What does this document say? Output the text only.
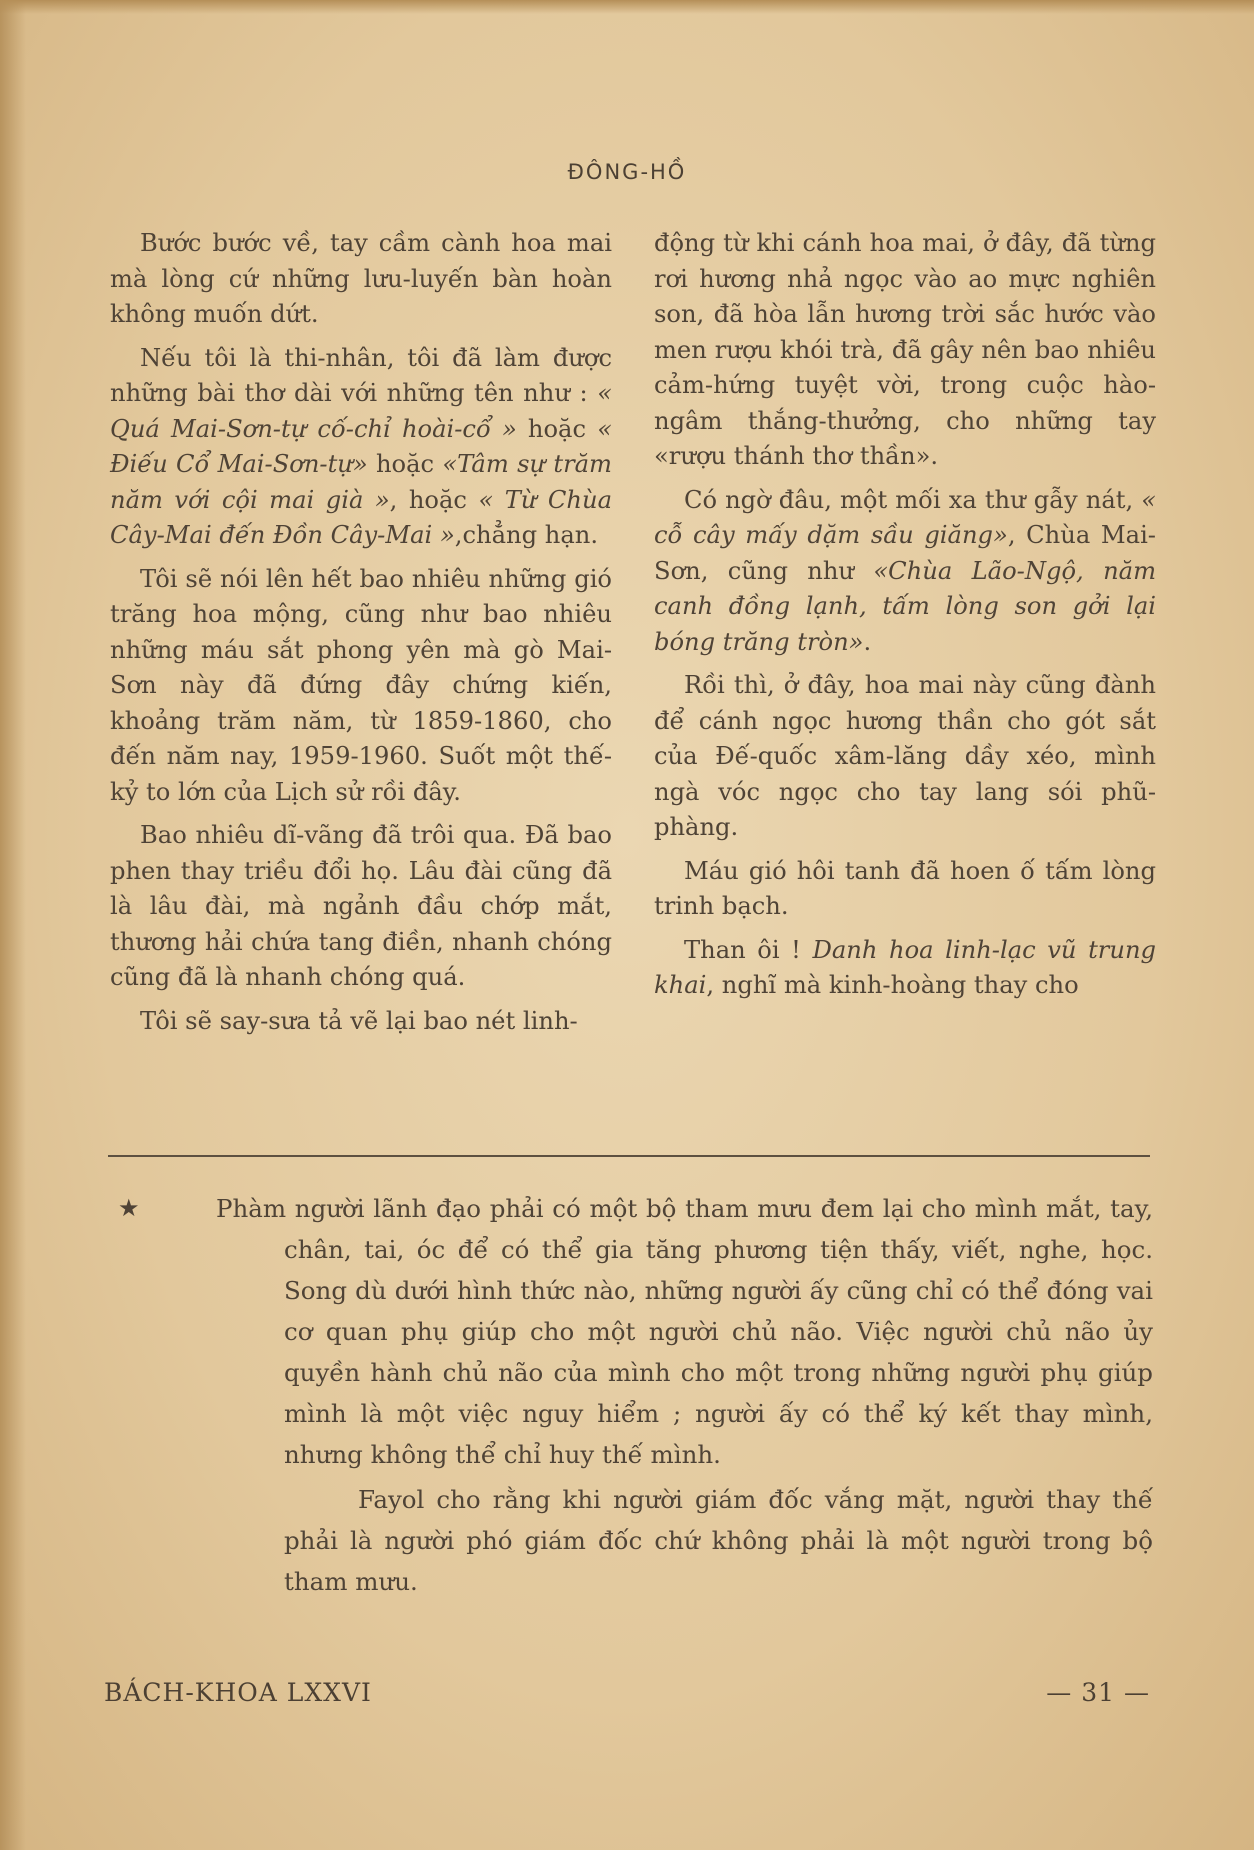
ĐÔNG-HỒ

Bước bước về, tay cầm cành hoa mai mà lòng cứ những lưu-luyến bàn hoàn không muốn dứt.

Nếu tôi là thi-nhân, tôi đã làm được những bài thơ dài với những tên như : « Quá Mai-Sơn-tự cố-chỉ hoài-cổ » hoặc « Điếu Cổ Mai-Sơn-tự» hoặc «Tâm sự trăm năm với cội mai già », hoặc « Từ Chùa Cây-Mai đến Đồn Cây-Mai »,chẳng hạn.

Tôi sẽ nói lên hết bao nhiêu những gió trăng hoa mộng, cũng như bao nhiêu những máu sắt phong yên mà gò Mai-Sơn này đã đứng đây chứng kiến, khoảng trăm năm, từ 1859-1860, cho đến năm nay, 1959-1960. Suốt một thế-kỷ to lớn của Lịch sử rồi đây.

Bao nhiêu dĩ-vãng đã trôi qua. Đã bao phen thay triều đổi họ. Lâu đài cũng đã là lâu đài, mà ngảnh đầu chớp mắt, thương hải chứa tang điền, nhanh chóng cũng đã là nhanh chóng quá.

Tôi sẽ say-sưa tả vẽ lại bao nét linh-

động từ khi cánh hoa mai, ở đây, đã từng rơi hương nhả ngọc vào ao mực nghiên son, đã hòa lẫn hương trời sắc hước vào men rượu khói trà, đã gây nên bao nhiêu cảm-hứng tuyệt vời, trong cuộc hào-ngâm thắng-thưởng, cho những tay «rượu thánh thơ thần».

Có ngờ đâu, một mối xa thư gẫy nát, « cỗ cây mấy dặm sầu giăng», Chùa Mai-Sơn, cũng như «Chùa Lão-Ngộ, năm canh đồng lạnh, tấm lòng son gởi lại bóng trăng tròn».

Rồi thì, ở đây, hoa mai này cũng đành để cánh ngọc hương thần cho gót sắt của Đế-quốc xâm-lăng dầy xéo, mình ngà vóc ngọc cho tay lang sói phũ-phàng.

Máu gió hôi tanh đã hoen ố tấm lòng trinh bạch.

Than ôi ! Danh hoa linh-lạc vũ trung khai, nghĩ mà kinh-hoàng thay cho

★	Phàm người lãnh đạo phải có một bộ tham mưu đem lại cho mình mắt, tay, chân, tai, óc để có thể gia tăng phương tiện thấy, viết, nghe, học. Song dù dưới hình thức nào, những người ấy cũng chỉ có thể đóng vai cơ quan phụ giúp cho một người chủ não. Việc người chủ não ủy quyền hành chủ não của mình cho một trong những người phụ giúp mình là một việc nguy hiểm ; người ấy có thể ký kết thay mình, nhưng không thể chỉ huy thế mình.

Fayol cho rằng khi người giám đốc vắng mặt, người thay thế phải là người phó giám đốc chứ không phải là một người trong bộ tham mưu.

BÁCH-KHOA LXXVI	— 31 —
